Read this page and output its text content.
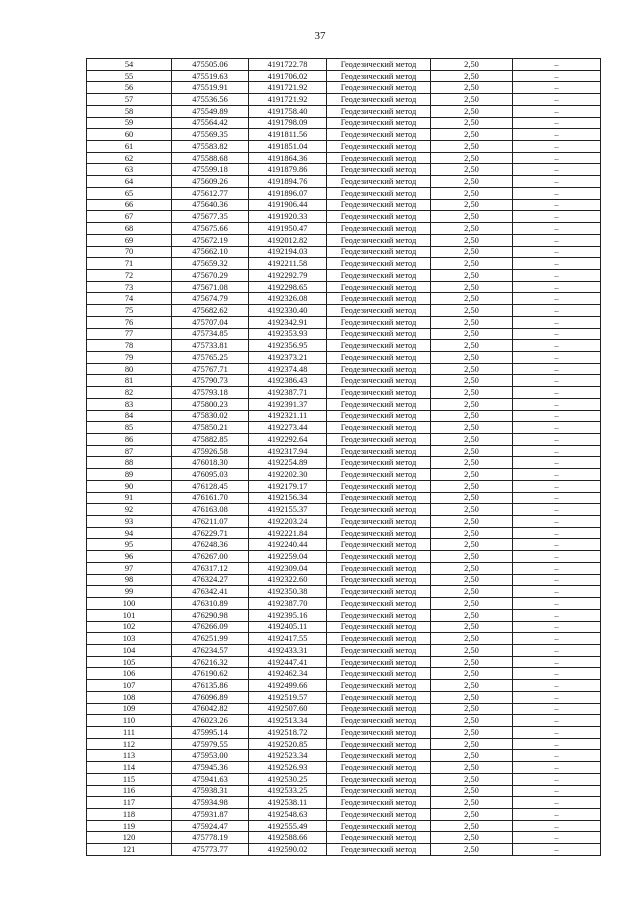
37
54	475505.06	4191722.78	Геодезический метод	2,50	–
55	475519.63	4191706.02	Геодезический метод	2,50	–
56	475519.91	4191721.92	Геодезический метод	2,50	–
57	475536.56	4191721.92	Геодезический метод	2,50	–
58	475549.89	4191758.40	Геодезический метод	2,50	–
59	475564.42	4191798.09	Геодезический метод	2,50	–
60	475569.35	4191811.56	Геодезический метод	2,50	–
61	475583.82	4191851.04	Геодезический метод	2,50	–
62	475588.68	4191864.36	Геодезический метод	2,50	–
63	475599.18	4191879.86	Геодезический метод	2,50	–
64	475609.26	4191894.76	Геодезический метод	2,50	–
65	475612.77	4191896.07	Геодезический метод	2,50	–
66	475640.36	4191906.44	Геодезический метод	2,50	–
67	475677.35	4191920.33	Геодезический метод	2,50	–
68	475675.66	4191950.47	Геодезический метод	2,50	–
69	475672.19	4192012.82	Геодезический метод	2,50	–
70	475662.10	4192194.03	Геодезический метод	2,50	–
71	475659.32	4192211.58	Геодезический метод	2,50	–
72	475670.29	4192292.79	Геодезический метод	2,50	–
73	475671.08	4192298.65	Геодезический метод	2,50	–
74	475674.79	4192326.08	Геодезический метод	2,50	–
75	475682.62	4192330.40	Геодезический метод	2,50	–
76	475707.04	4192342.91	Геодезический метод	2,50	–
77	475734.85	4192353.93	Геодезический метод	2,50	–
78	475733.81	4192356.95	Геодезический метод	2,50	–
79	475765.25	4192373.21	Геодезический метод	2,50	–
80	475767.71	4192374.48	Геодезический метод	2,50	–
81	475790.73	4192386.43	Геодезический метод	2,50	–
82	475793.18	4192387.71	Геодезический метод	2,50	–
83	475800.23	4192391.37	Геодезический метод	2,50	–
84	475830.02	4192321.11	Геодезический метод	2,50	–
85	475850.21	4192273.44	Геодезический метод	2,50	–
86	475882.85	4192292.64	Геодезический метод	2,50	–
87	475926.58	4192317.94	Геодезический метод	2,50	–
88	476018.30	4192254.89	Геодезический метод	2,50	–
89	476095.03	4192202.30	Геодезический метод	2,50	–
90	476128.45	4192179.17	Геодезический метод	2,50	–
91	476161.70	4192156.34	Геодезический метод	2,50	–
92	476163.08	4192155.37	Геодезический метод	2,50	–
93	476211.07	4192203.24	Геодезический метод	2,50	–
94	476229.71	4192221.84	Геодезический метод	2,50	–
95	476248.36	4192240.44	Геодезический метод	2,50	–
96	476267.00	4192259.04	Геодезический метод	2,50	–
97	476317.12	4192309.04	Геодезический метод	2,50	–
98	476324.27	4192322.60	Геодезический метод	2,50	–
99	476342.41	4192350.38	Геодезический метод	2,50	–
100	476310.89	4192387.70	Геодезический метод	2,50	–
101	476290.98	4192395.16	Геодезический метод	2,50	–
102	476266.09	4192405.11	Геодезический метод	2,50	–
103	476251.99	4192417.55	Геодезический метод	2,50	–
104	476234.57	4192433.31	Геодезический метод	2,50	–
105	476216.32	4192447.41	Геодезический метод	2,50	–
106	476190.62	4192462.34	Геодезический метод	2,50	–
107	476135.86	4192499.66	Геодезический метод	2,50	–
108	476096.89	4192519.57	Геодезический метод	2,50	–
109	476042.82	4192507.60	Геодезический метод	2,50	–
110	476023.26	4192513.34	Геодезический метод	2,50	–
111	475995.14	4192518.72	Геодезический метод	2,50	–
112	475979.55	4192520.85	Геодезический метод	2,50	–
113	475953.00	4192523.34	Геодезический метод	2,50	–
114	475945.36	4192526.93	Геодезический метод	2,50	–
115	475941.63	4192530.25	Геодезический метод	2,50	–
116	475938.31	4192533.25	Геодезический метод	2,50	–
117	475934.98	4192538.11	Геодезический метод	2,50	–
118	475931.87	4192548.63	Геодезический метод	2,50	–
119	475924.47	4192555.49	Геодезический метод	2,50	–
120	475778.19	4192588.66	Геодезический метод	2,50	–
121	475773.77	4192590.02	Геодезический метод	2,50	–
